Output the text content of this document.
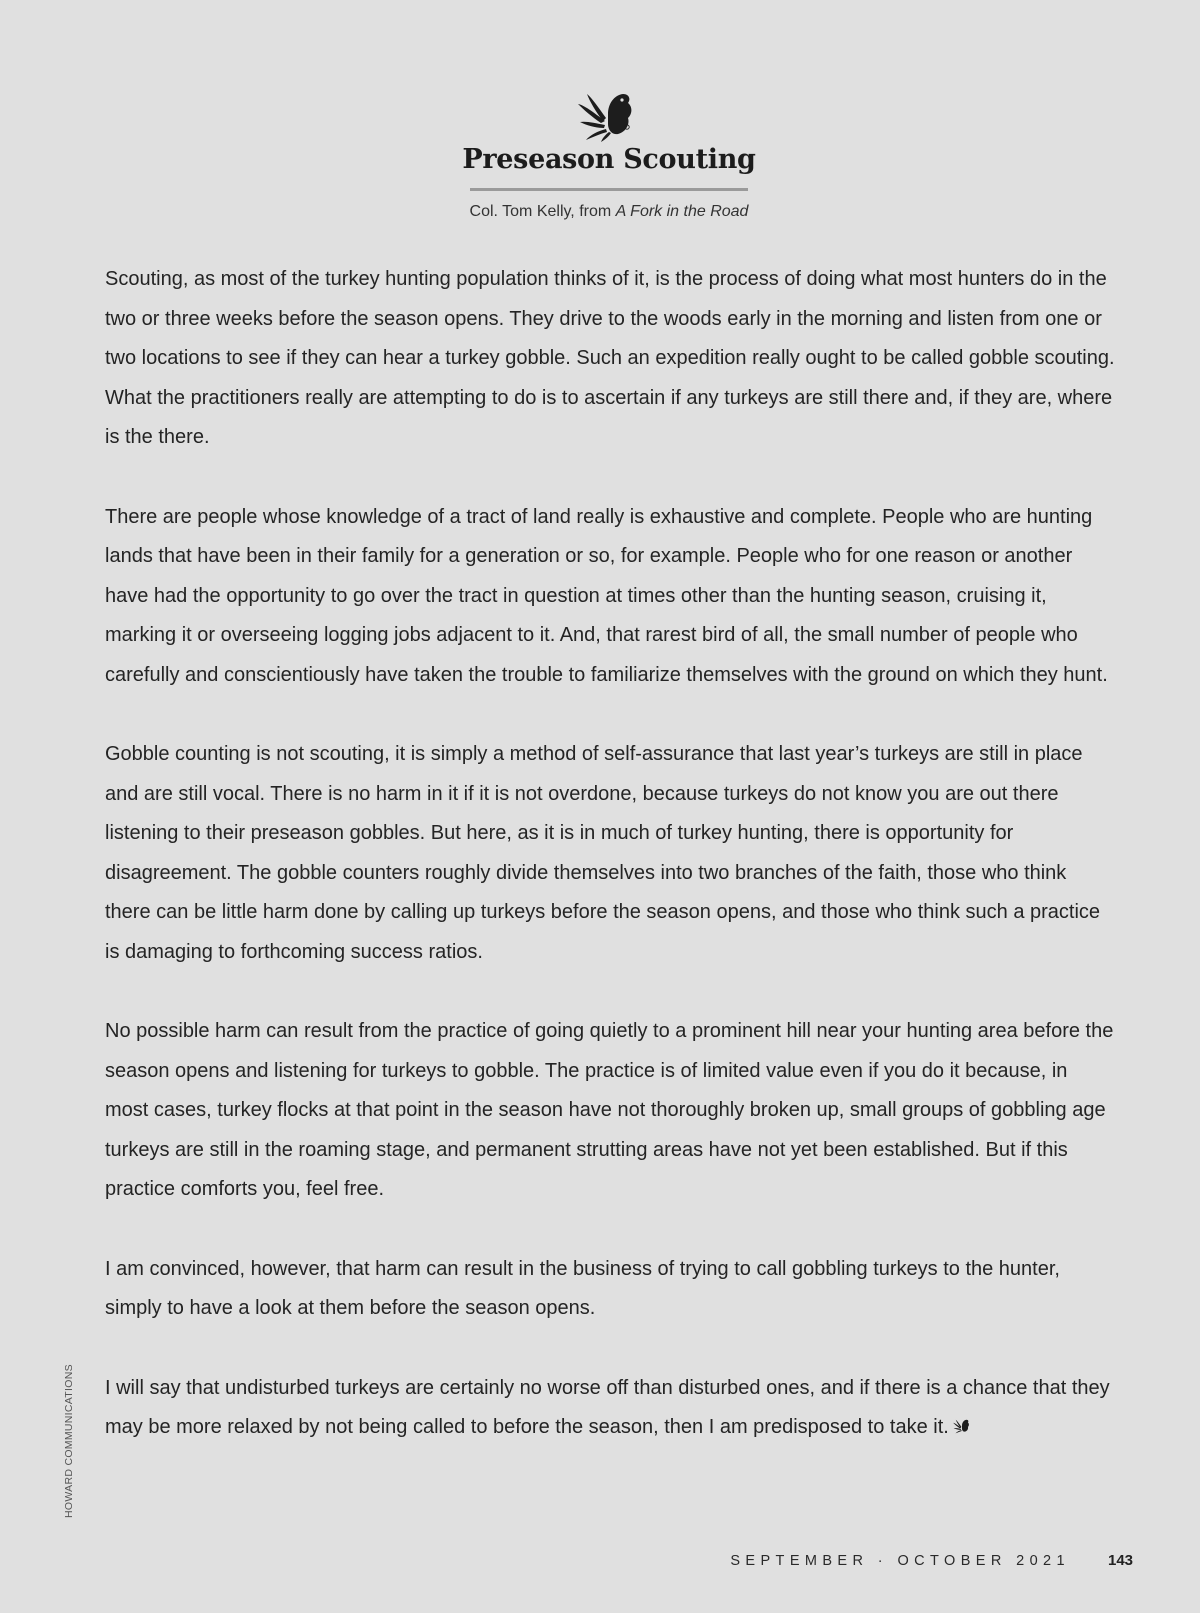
Preseason Scouting
Col. Tom Kelly, from A Fork in the Road

Scouting, as most of the turkey hunting population thinks of it, is the process of doing what most hunters do in the two or three weeks before the season opens. They drive to the woods early in the morning and listen from one or two locations to see if they can hear a turkey gobble. Such an expedition really ought to be called gobble scouting. What the practitioners really are attempting to do is to ascertain if any turkeys are still there and, if they are, where is the there.

There are people whose knowledge of a tract of land really is exhaustive and complete. People who are hunting lands that have been in their family for a generation or so, for example. People who for one reason or another have had the opportunity to go over the tract in question at times other than the hunting season, cruising it, marking it or overseeing logging jobs adjacent to it. And, that rarest bird of all, the small number of people who carefully and conscientiously have taken the trouble to familiarize themselves with the ground on which they hunt.

Gobble counting is not scouting, it is simply a method of self-assurance that last year’s turkeys are still in place and are still vocal. There is no harm in it if it is not overdone, because turkeys do not know you are out there listening to their preseason gobbles. But here, as it is in much of turkey hunting, there is opportunity for disagreement. The gobble counters roughly divide themselves into two branches of the faith, those who think there can be little harm done by calling up turkeys before the season opens, and those who think such a practice is damaging to forthcoming success ratios.

No possible harm can result from the practice of going quietly to a prominent hill near your hunting area before the season opens and listening for turkeys to gobble. The practice is of limited value even if you do it because, in most cases, turkey flocks at that point in the season have not thoroughly broken up, small groups of gobbling age turkeys are still in the roaming stage, and permanent strutting areas have not yet been established. But if this practice comforts you, feel free.

I am convinced, however, that harm can result in the business of trying to call gobbling turkeys to the hunter, simply to have a look at them before the season opens.

I will say that undisturbed turkeys are certainly no worse off than disturbed ones, and if there is a chance that they may be more relaxed by not being called to before the season, then I am predisposed to take it.

HOWARD COMMUNICATIONS
SEPTEMBER · OCTOBER 2021	143
